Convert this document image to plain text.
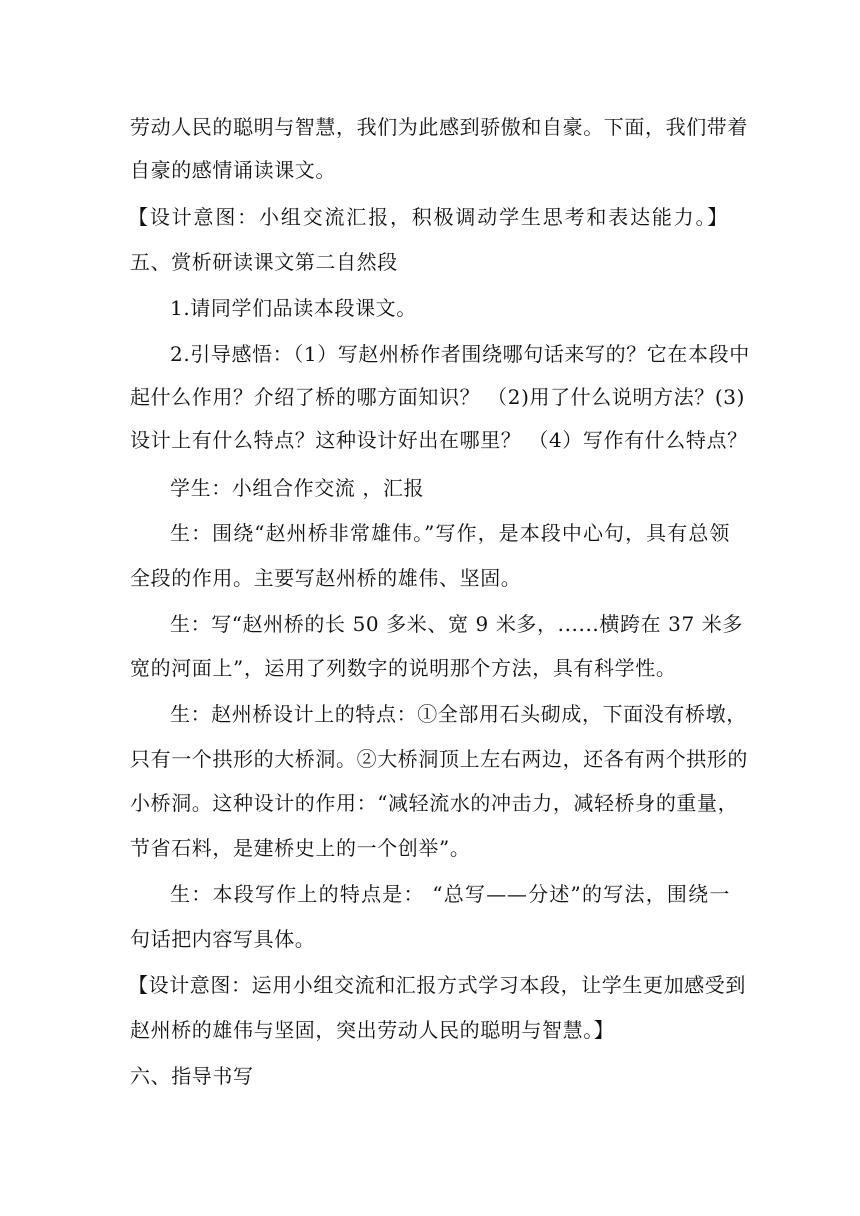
劳动人民的聪明与智慧，我们为此感到骄傲和自豪。下面，我们带着
自豪的感情诵读课文。
【设计意图：小组交流汇报，积极调动学生思考和表达能力。】
五、赏析研读课文第二自然段
1.请同学们品读本段课文。
2.引导感悟：（1）写赵州桥作者围绕哪句话来写的？它在本段中
起什么作用？介绍了桥的哪方面知识？ （2)用了什么说明方法？(3)
设计上有什么特点？这种设计好出在哪里？ （4）写作有什么特点？
学生：小组合作交流 ，汇报
生：围绕“赵州桥非常雄伟。”写作，是本段中心句，具有总领
全段的作用。主要写赵州桥的雄伟、坚固。
生：写“赵州桥的长 50 多米、宽 9 米多，......横跨在 37 米多
宽的河面上”，运用了列数字的说明那个方法，具有科学性。
生：赵州桥设计上的特点：①全部用石头砌成，下面没有桥墩，
只有一个拱形的大桥洞。②大桥洞顶上左右两边，还各有两个拱形的
小桥洞。这种设计的作用：“减轻流水的冲击力，减轻桥身的重量，
节省石料，是建桥史上的一个创举”。
生：本段写作上的特点是： “总写——分述”的写法，围绕一
句话把内容写具体。
【设计意图：运用小组交流和汇报方式学习本段，让学生更加感受到
赵州桥的雄伟与坚固，突出劳动人民的聪明与智慧。】
六、指导书写
